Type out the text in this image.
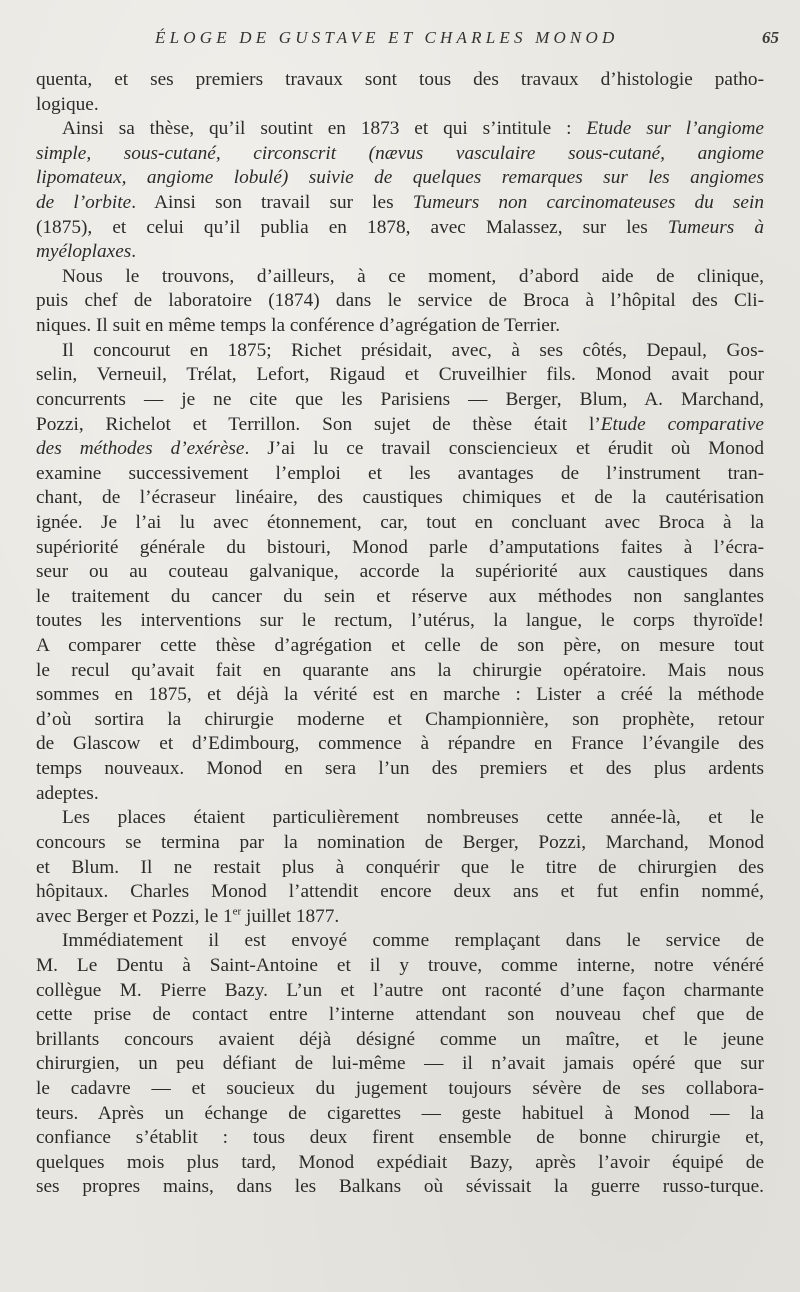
ÉLOGE DE GUSTAVE ET CHARLES MONOD	65
quenta, et ses premiers travaux sont tous des travaux d’histologie patho-
logique.
Ainsi sa thèse, qu’il soutint en 1873 et qui s’intitule : Etude sur l’angiome
simple, sous-cutané, circonscrit (nævus vasculaire sous-cutané, angiome
lipomateux, angiome lobulé) suivie de quelques remarques sur les angiomes
de l’orbite. Ainsi son travail sur les Tumeurs non carcinomateuses du sein
(1875), et celui qu’il publia en 1878, avec Malassez, sur les Tumeurs à
myéloplaxes.
Nous le trouvons, d’ailleurs, à ce moment, d’abord aide de clinique,
puis chef de laboratoire (1874) dans le service de Broca à l’hôpital des Cli-
niques. Il suit en même temps la conférence d’agrégation de Terrier.
Il concourut en 1875; Richet présidait, avec, à ses côtés, Depaul, Gos-
selin, Verneuil, Trélat, Lefort, Rigaud et Cruveilhier fils. Monod avait pour
concurrents — je ne cite que les Parisiens — Berger, Blum, A. Marchand,
Pozzi, Richelot et Terrillon. Son sujet de thèse était l’Etude comparative
des méthodes d’exérèse. J’ai lu ce travail consciencieux et érudit où Monod
examine successivement l’emploi et les avantages de l’instrument tran-
chant, de l’écraseur linéaire, des caustiques chimiques et de la cautérisation
ignée. Je l’ai lu avec étonnement, car, tout en concluant avec Broca à la
supériorité générale du bistouri, Monod parle d’amputations faites à l’écra-
seur ou au couteau galvanique, accorde la supériorité aux caustiques dans
le traitement du cancer du sein et réserve aux méthodes non sanglantes
toutes les interventions sur le rectum, l’utérus, la langue, le corps thyroïde!
A comparer cette thèse d’agrégation et celle de son père, on mesure tout
le recul qu’avait fait en quarante ans la chirurgie opératoire. Mais nous
sommes en 1875, et déjà la vérité est en marche : Lister a créé la méthode
d’où sortira la chirurgie moderne et Championnière, son prophète, retour
de Glascow et d’Edimbourg, commence à répandre en France l’évangile des
temps nouveaux. Monod en sera l’un des premiers et des plus ardents
adeptes.
Les places étaient particulièrement nombreuses cette année-là, et le
concours se termina par la nomination de Berger, Pozzi, Marchand, Monod
et Blum. Il ne restait plus à conquérir que le titre de chirurgien des
hôpitaux. Charles Monod l’attendit encore deux ans et fut enfin nommé,
avec Berger et Pozzi, le 1er juillet 1877.
Immédiatement il est envoyé comme remplaçant dans le service de
M. Le Dentu à Saint-Antoine et il y trouve, comme interne, notre vénéré
collègue M. Pierre Bazy. L’un et l’autre ont raconté d’une façon charmante
cette prise de contact entre l’interne attendant son nouveau chef que de
brillants concours avaient déjà désigné comme un maître, et le jeune
chirurgien, un peu défiant de lui-même — il n’avait jamais opéré que sur
le cadavre — et soucieux du jugement toujours sévère de ses collabora-
teurs. Après un échange de cigarettes — geste habituel à Monod — la
confiance s’établit : tous deux firent ensemble de bonne chirurgie et,
quelques mois plus tard, Monod expédiait Bazy, après l’avoir équipé de
ses propres mains, dans les Balkans où sévissait la guerre russo-turque.
